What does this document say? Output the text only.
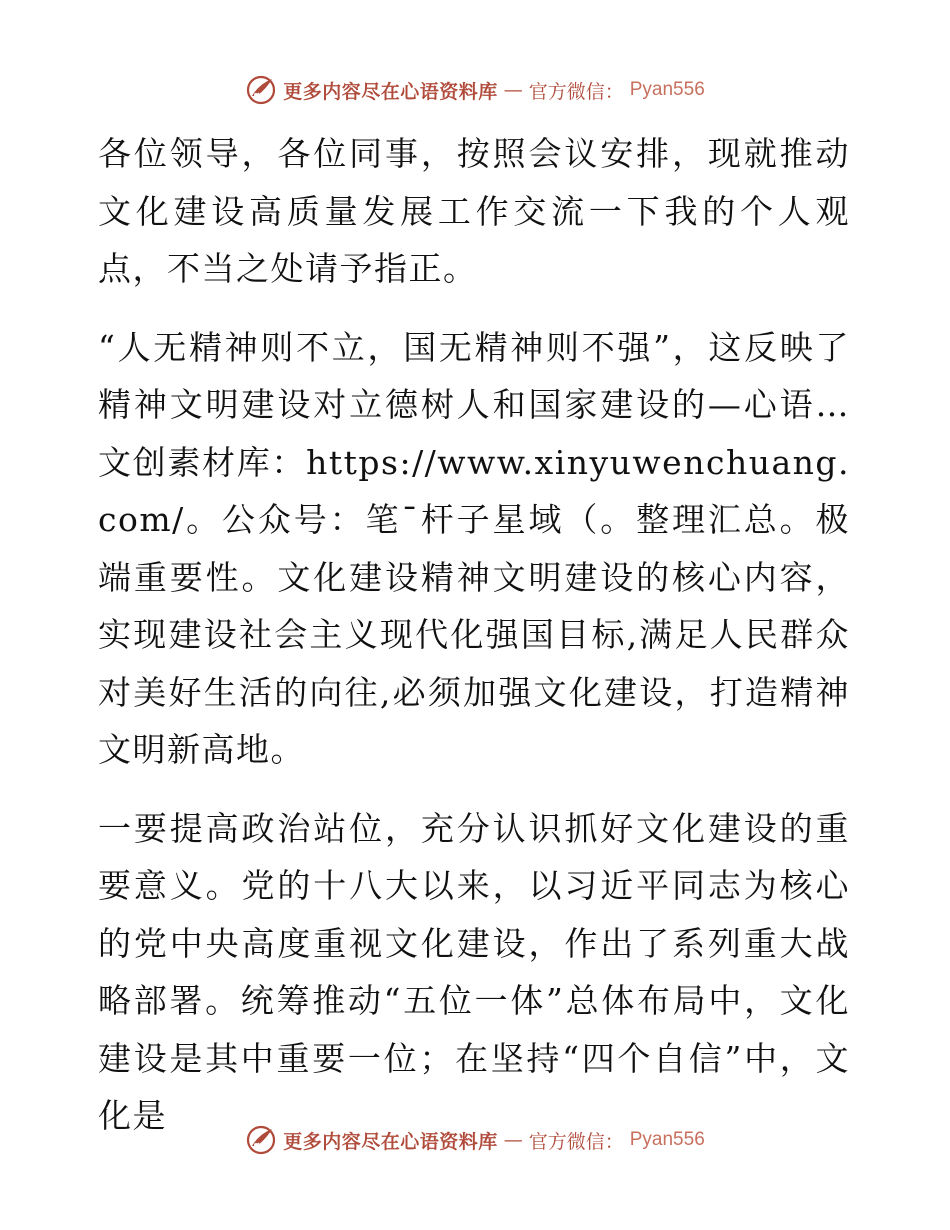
更多内容尽在心语资料库 — 官方微信： Pyan556

各位领导，各位同事，按照会议安排，现就推动文化建设高质量发展工作交流一下我的个人观点，不当之处请予指正。

“人无精神则不立，国无精神则不强”，这反映了精神文明建设对立德树人和国家建设的—心语…文创素材库：https://www.xinyuwenchuang.com/。公众号：笔¯杆子星域（。整理汇总。极端重要性。文化建设精神文明建设的核心内容，实现建设社会主义现代化强国目标,满足人民群众对美好生活的向往,必须加强文化建设，打造精神文明新高地。

一要提高政治站位，充分认识抓好文化建设的重要意义。党的十八大以来，以习近平同志为核心的党中央高度重视文化建设，作出了系列重大战略部署。统筹推动“五位一体”总体布局中，文化建设是其中重要一位；在坚持“四个自信”中，文化是

更多内容尽在心语资料库 — 官方微信： Pyan556
